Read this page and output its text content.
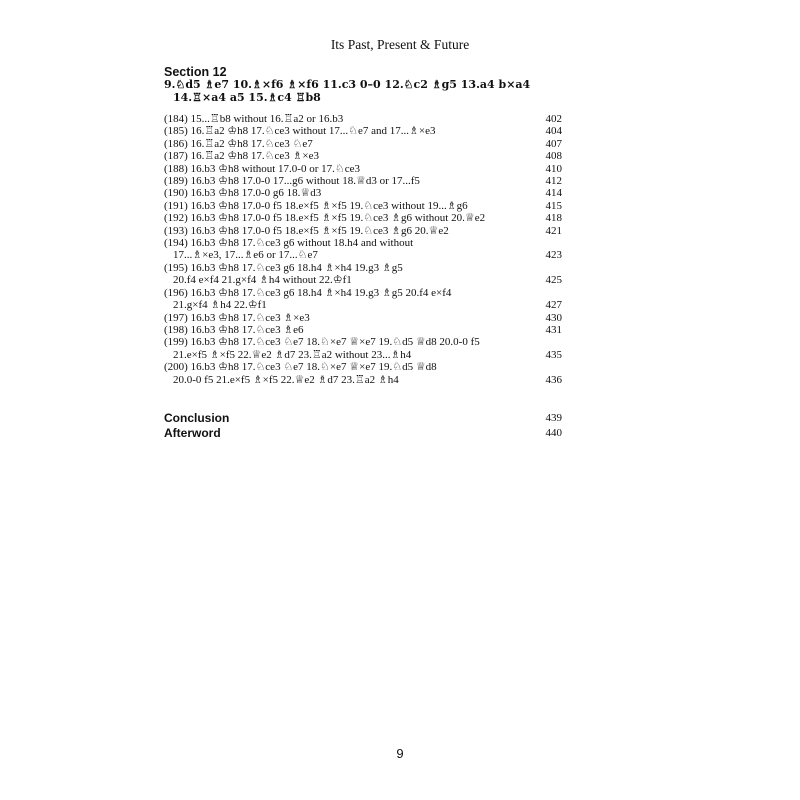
Its Past, Present & Future
Section 12
9.♘d5 ♗e7 10.♗×f6 ♗×f6 11.c3 0–0 12.♘c2 ♗g5 13.a4 b×a4
14.♖×a4 a5 15.♗c4 ♖b8
(184) 15...♖b8 without 16.♖a2 or 16.b3	402
(185) 16.♖a2 ♔h8 17.♘ce3 without 17...♘e7 and 17...♗×e3	404
(186) 16.♖a2 ♔h8 17.♘ce3 ♘e7	407
(187) 16.♖a2 ♔h8 17.♘ce3 ♗×e3	408
(188) 16.b3 ♔h8 without 17.0-0 or 17.♘ce3	410
(189) 16.b3 ♔h8 17.0-0 17...g6 without 18.♕d3 or 17...f5	412
(190) 16.b3 ♔h8 17.0-0 g6 18.♕d3	414
(191) 16.b3 ♔h8 17.0-0 f5 18.e×f5 ♗×f5 19.♘ce3 without 19...♗g6	415
(192) 16.b3 ♔h8 17.0-0 f5 18.e×f5 ♗×f5 19.♘ce3 ♗g6 without 20.♕e2	418
(193) 16.b3 ♔h8 17.0-0 f5 18.e×f5 ♗×f5 19.♘ce3 ♗g6 20.♕e2	421
(194) 16.b3 ♔h8 17.♘ce3 g6 without 18.h4 and without
17...♗×e3, 17...♗e6 or 17...♘e7	423
(195) 16.b3 ♔h8 17.♘ce3 g6 18.h4 ♗×h4 19.g3 ♗g5
20.f4 e×f4 21.g×f4 ♗h4 without 22.♔f1	425
(196) 16.b3 ♔h8 17.♘ce3 g6 18.h4 ♗×h4 19.g3 ♗g5 20.f4 e×f4
21.g×f4 ♗h4 22.♔f1	427
(197) 16.b3 ♔h8 17.♘ce3 ♗×e3	430
(198) 16.b3 ♔h8 17.♘ce3 ♗e6	431
(199) 16.b3 ♔h8 17.♘ce3 ♘e7 18.♘×e7 ♕×e7 19.♘d5 ♕d8 20.0-0 f5
21.e×f5 ♗×f5 22.♕e2 ♗d7 23.♖a2 without 23...♗h4	435
(200) 16.b3 ♔h8 17.♘ce3 ♘e7 18.♘×e7 ♕×e7 19.♘d5 ♕d8
20.0-0 f5 21.e×f5 ♗×f5 22.♕e2 ♗d7 23.♖a2 ♗h4	436
Conclusion	439
Afterword	440
9
